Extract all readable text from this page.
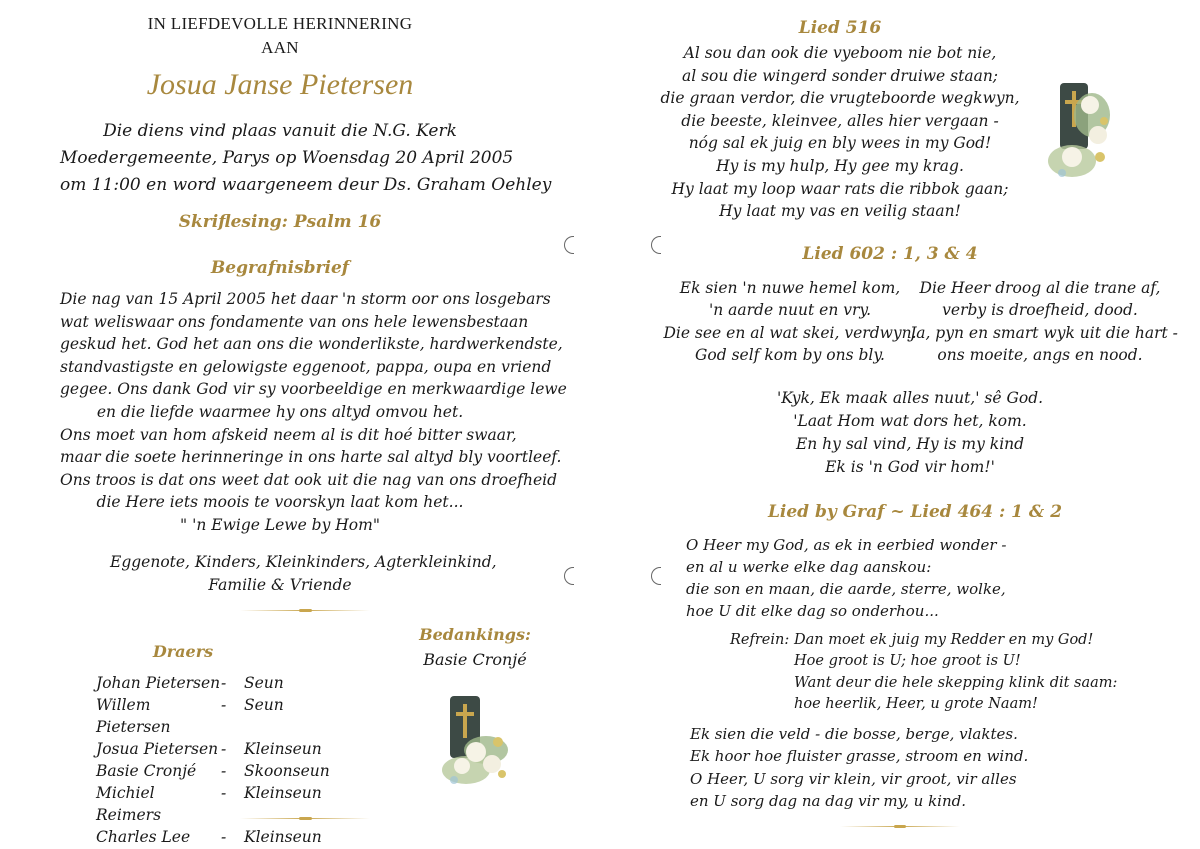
IN LIEFDEVOLLE HERINNERING
AAN
Josua Janse Pietersen
Die diens vind plaas vanuit die N.G. Kerk
Moedergemeente, Parys op Woensdag 20 April 2005
om 11:00 en word waargeneem deur Ds. Graham Oehley
Skriflesing: Psalm 16
Begrafnisbrief
Die nag van 15 April 2005 het daar 'n storm oor ons losgebars
wat weliswaar ons fondamente van ons hele lewensbestaan
geskud het. God het aan ons die wonderlikste, hardwerkendste,
standvastigste en gelowigste eggenoot, pappa, oupa en vriend
gegee. Ons dank God vir sy voorbeeldige en merkwaardige lewe
en die liefde waarmee hy ons altyd omvou het.
Ons moet van hom afskeid neem al is dit hoé bitter swaar,
maar die soete herinneringe in ons harte sal altyd bly voortleef.
Ons troos is dat ons weet dat ook uit die nag van ons droefheid
die Here iets moois te voorskyn laat kom het...
" 'n Ewige Lewe by Hom"
Eggenote, Kinders, Kleinkinders, Agterkleinkind,
Familie & Vriende
Draers
Johan Pietersen -	Seun
Willem Pietersen
-	Seun
Josua Pietersen -	Kleinseun
Basie Cronjé	-	Skoonseun
Michiel Reimers
-	Kleinseun
Charles Lee	-	Kleinseun
Bedankings:
Basie Cronjé
Lied 516
Al sou dan ook die vyeboom nie bot nie,
al sou die wingerd sonder druiwe staan;
die graan verdor, die vrugteboorde wegkwyn,
die beeste, kleinvee, alles hier vergaan -
nóg sal ek juig en bly wees in my God!
Hy is my hulp, Hy gee my krag.
Hy laat my loop waar rats die ribbok gaan;
Hy laat my vas en veilig staan!
Lied 602 : 1, 3 & 4
Ek sien 'n nuwe hemel kom,
'n aarde nuut en vry.
Die see en al wat skei, verdwyn.
God self kom by ons bly.
Die Heer droog al die trane af,
verby is droefheid, dood.
Ja, pyn en smart wyk uit die hart -
ons moeite, angs en nood.
'Kyk, Ek maak alles nuut,' sê God.
'Laat Hom wat dors het, kom.
En hy sal vind, Hy is my kind
Ek is 'n God vir hom!'
Lied by Graf ~ Lied 464 : 1 & 2
O Heer my God, as ek in eerbied wonder -
en al u werke elke dag aanskou:
die son en maan, die aarde, sterre, wolke,
hoe U dit elke dag so onderhou...
Refrein: Dan moet ek juig my Redder en my God!
Hoe groot is U; hoe groot is U!
Want deur die hele skepping klink dit saam:
hoe heerlik, Heer, u grote Naam!
Ek sien die veld - die bosse, berge, vlaktes.
Ek hoor hoe fluister grasse, stroom en wind.
O Heer, U sorg vir klein, vir groot, vir alles
en U sorg dag na dag vir my, u kind.
